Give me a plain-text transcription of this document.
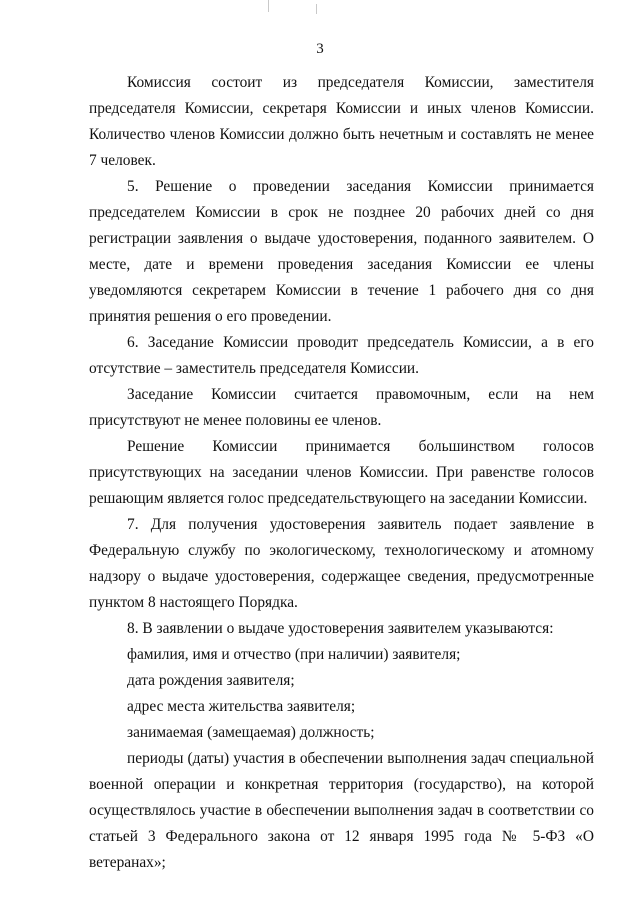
3

Комиссия состоит из председателя Комиссии, заместителя председателя Комиссии, секретаря Комиссии и иных членов Комиссии. Количество членов Комиссии должно быть нечетным и составлять не менее 7 человек.

5. Решение о проведении заседания Комиссии принимается председателем Комиссии в срок не позднее 20 рабочих дней со дня регистрации заявления о выдаче удостоверения, поданного заявителем. О месте, дате и времени проведения заседания Комиссии ее члены уведомляются секретарем Комиссии в течение 1 рабочего дня со дня принятия решения о его проведении.

6. Заседание Комиссии проводит председатель Комиссии, а в его отсутствие – заместитель председателя Комиссии.

Заседание Комиссии считается правомочным, если на нем присутствуют не менее половины ее членов.

Решение Комиссии принимается большинством голосов присутствующих на заседании членов Комиссии. При равенстве голосов решающим является голос председательствующего на заседании Комиссии.

7. Для получения удостоверения заявитель подает заявление в Федеральную службу по экологическому, технологическому и атомному надзору о выдаче удостоверения, содержащее сведения, предусмотренные пунктом 8 настоящего Порядка.

8. В заявлении о выдаче удостоверения заявителем указываются:

фамилия, имя и отчество (при наличии) заявителя;

дата рождения заявителя;

адрес места жительства заявителя;

занимаемая (замещаемая) должность;

периоды (даты) участия в обеспечении выполнения задач специальной военной операции и конкретная территория (государство), на которой осуществлялось участие в обеспечении выполнения задач в соответствии со статьей 3 Федерального закона от 12 января 1995 года № 5-ФЗ «О ветеранах»;
